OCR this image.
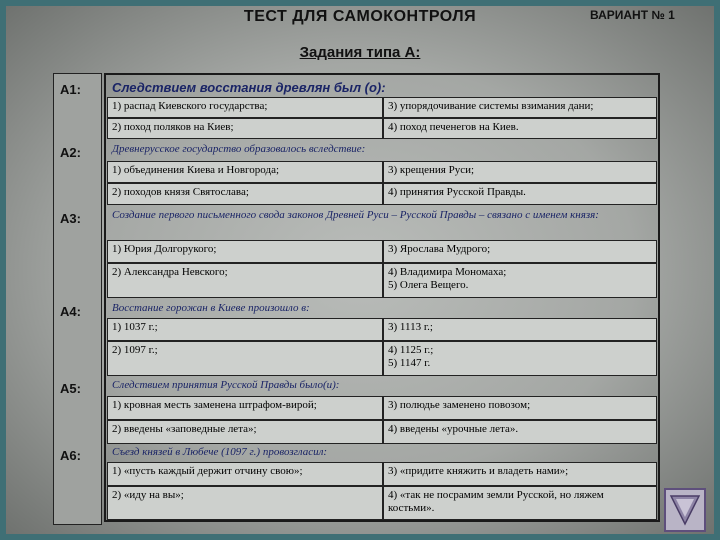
ТЕСТ ДЛЯ САМОКОНТРОЛЯ	ВАРИАНТ № 1
Задания типа А:
А1: Следствием восстания древлян был (о):
1) распад Киевского государства;	3) упорядочивание системы взимания дани;
2) поход поляков на Киев;	4) поход печенегов на Киев.
А2:	Древнерусское государство образовалось вследствие:
1) объединения Киева и Новгорода;	3) крещения Руси;
2) походов князя Святослава;	4) принятия Русской Правды.
А3:	Создание первого письменного свода законов Древней Руси – Русской Правды – связано с именем князя:
1) Юрия Долгорукого;	3) Ярослава Мудрого;
2) Александра Невского;	4) Владимира Мономаха;
5) Олега Вещего.
А4:	Восстание горожан в Киеве произошло в:
1) 1037 г.;	3) 1113 г.;
2) 1097 г.;	4) 1125 г.;
5) 1147 г.
А5:	Следствием принятия Русской Правды было(и):
1) кровная месть заменена штрафом-вирой;	3) полюдье заменено повозом;
2) введены «заповедные лета»;	4) введены «урочные лета».
А6:	Съезд князей в Любече (1097 г.) провозгласил:
1) «пусть каждый держит отчину свою»;	3) «придите княжить и владеть нами»;
2) «иду на вы»;	4) «так не посрамим земли Русской, но ляжем костьми».
